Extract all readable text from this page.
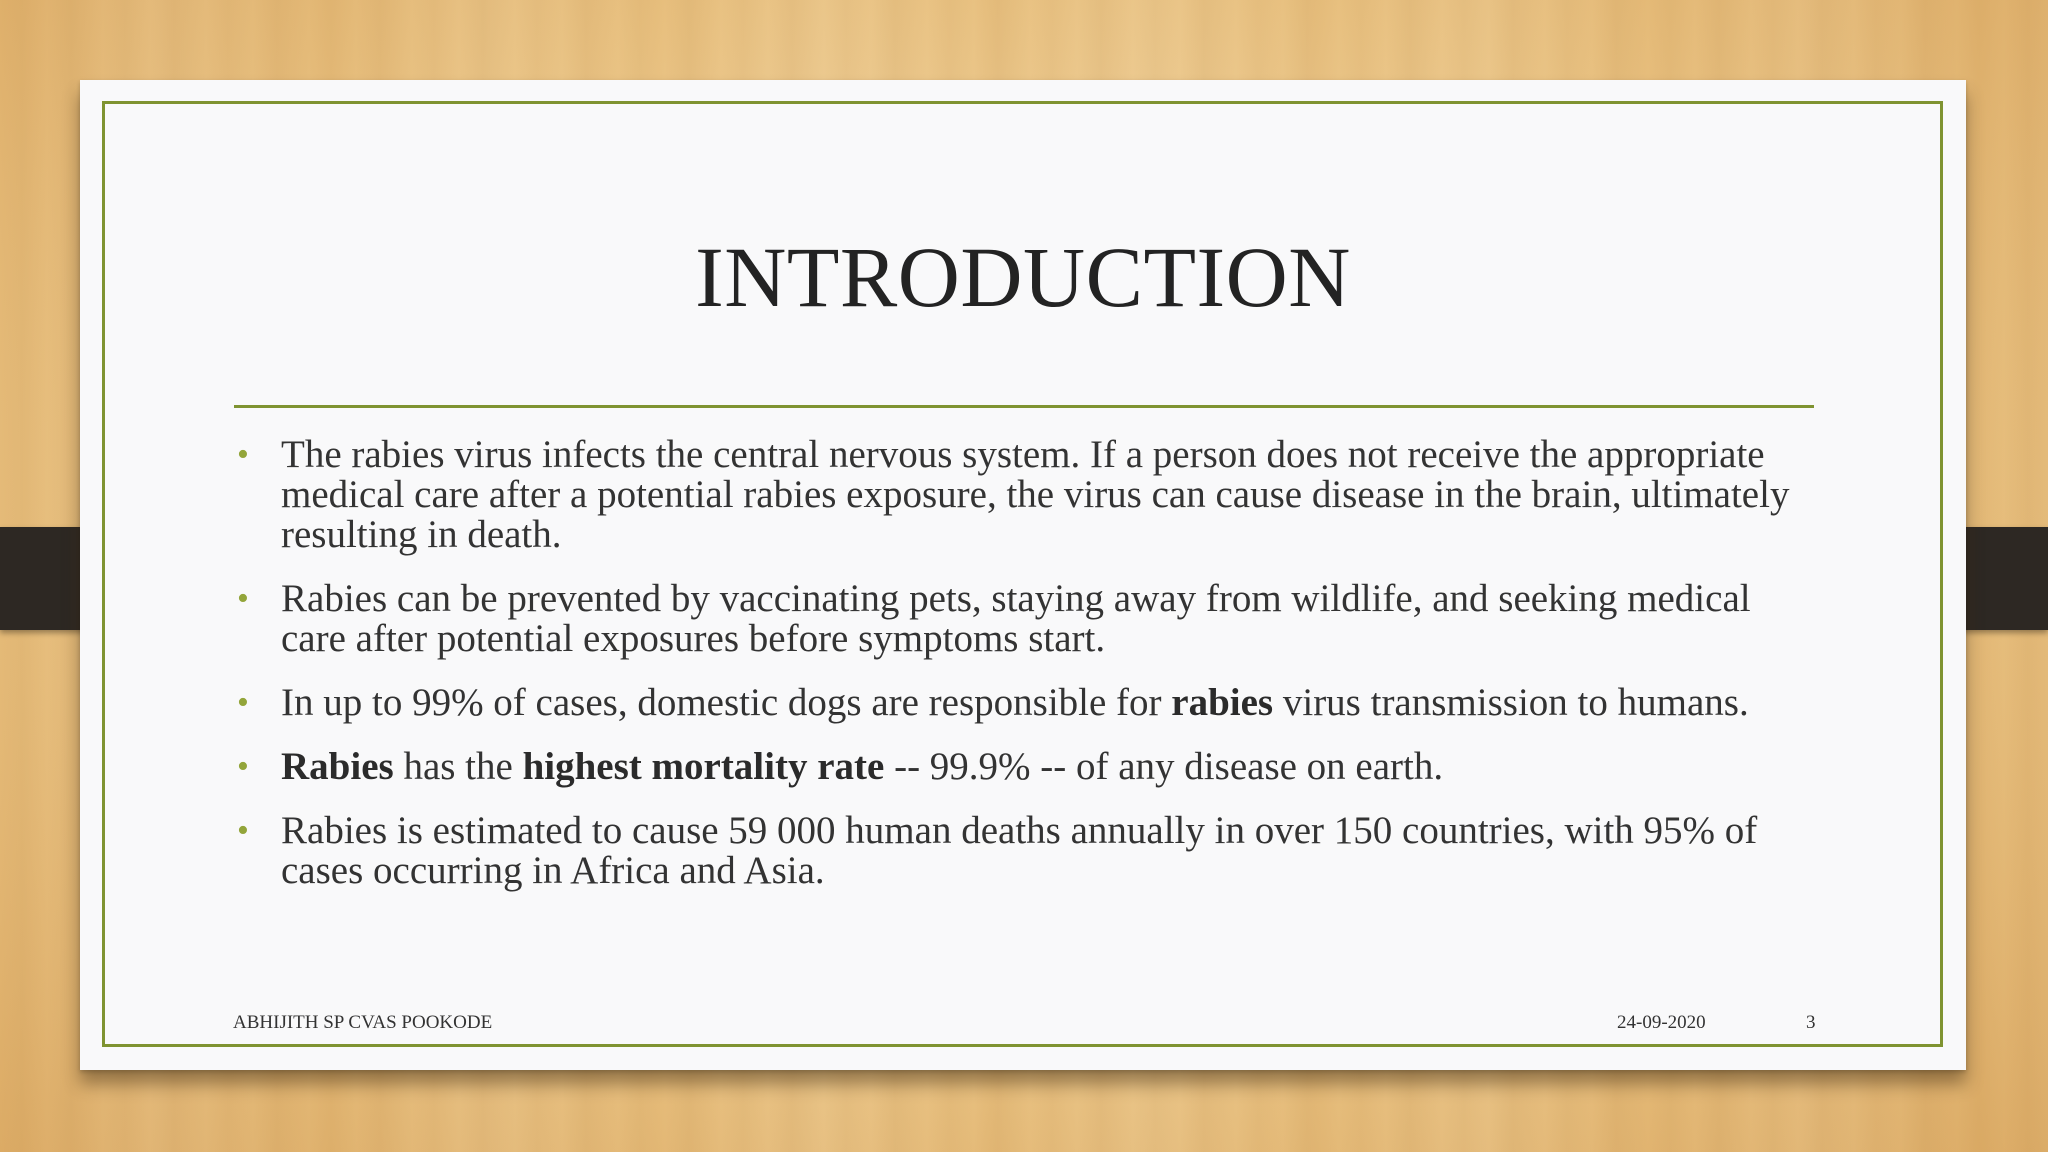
INTRODUCTION
• The rabies virus infects the central nervous system. If a person does not receive the appropriate medical care after a potential rabies exposure, the virus can cause disease in the brain, ultimately resulting in death.
• Rabies can be prevented by vaccinating pets, staying away from wildlife, and seeking medical care after potential exposures before symptoms start.
• In up to 99% of cases, domestic dogs are responsible for rabies virus transmission to humans.
• Rabies has the highest mortality rate -- 99.9% -- of any disease on earth.
• Rabies is estimated to cause 59 000 human deaths annually in over 150 countries, with 95% of cases occurring in Africa and Asia.
ABHIJITH SP CVAS POOKODE	24-09-2020	3
